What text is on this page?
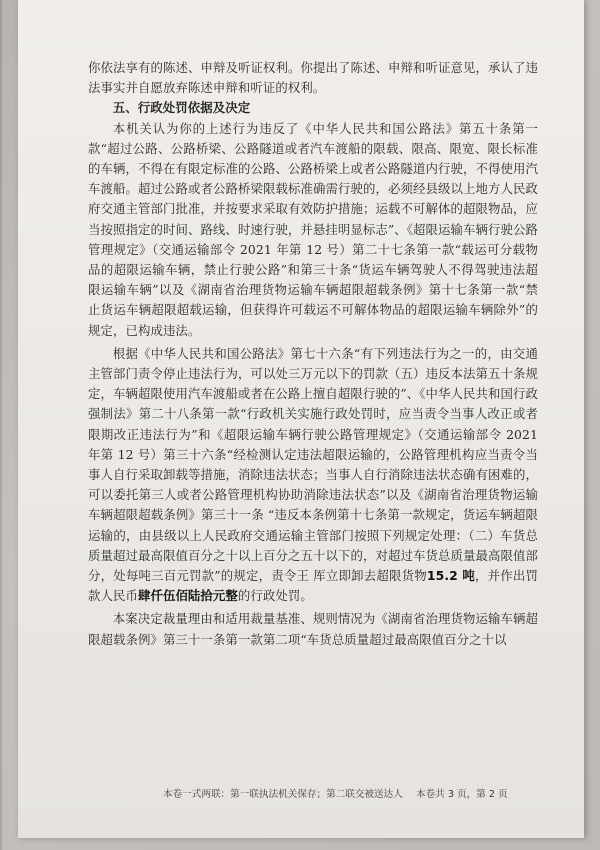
你依法享有的陈述、申辩及听证权利。你提出了陈述、申辩和听证意见，承认了违法事实并自愿放弃陈述申辩和听证的权利。

五、行政处罚依据及决定

本机关认为你的上述行为违反了《中华人民共和国公路法》第五十条第一款“超过公路、公路桥梁、公路隧道或者汽车渡船的限载、限高、限宽、限长标准的车辆，不得在有限定标准的公路、公路桥梁上或者公路隧道内行驶，不得使用汽车渡船。超过公路或者公路桥梁限载标准确需行驶的，必须经县级以上地方人民政府交通主管部门批准，并按要求采取有效防护措施；运载不可解体的超限物品，应当按照指定的时间、路线、时速行驶，并悬挂明显标志”、《超限运输车辆行驶公路管理规定》（交通运输部令 2021 年第 12 号）第二十七条第一款“载运可分载物品的超限运输车辆，禁止行驶公路”和第三十条“货运车辆驾驶人不得驾驶违法超限运输车辆”以及《湖南省治理货物运输车辆超限超载条例》第十七条第一款“禁止货运车辆超限超载运输，但获得许可载运不可解体物品的超限运输车辆除外”的规定，已构成违法。

根据《中华人民共和国公路法》第七十六条“有下列违法行为之一的，由交通主管部门责令停止违法行为，可以处三万元以下的罚款（五）违反本法第五十条规定，车辆超限使用汽车渡船或者在公路上擅自超限行驶的”、《中华人民共和国行政强制法》第二十八条第一款“行政机关实施行政处罚时，应当责令当事人改正或者限期改正违法行为”和《超限运输车辆行驶公路管理规定》（交通运输部令 2021 年第 12 号）第三十六条“经检测认定违法超限运输的，公路管理机构应当责令当事人自行采取卸载等措施，消除违法状态；当事人自行消除违法状态确有困难的，可以委托第三人或者公路管理机构协助消除违法状态”以及《湖南省治理货物运输车辆超限超载条例》第三十一条 “违反本条例第十七条第一款规定，货运车辆超限运输的，由县级以上人民政府交通运输主管部门按照下列规定处理：（二）车货总质量超过最高限值百分之十以上百分之五十以下的，对超过车货总质量最高限值部分，处每吨三百元罚款”的规定，责令王 厍立即卸去超限货物15.2 吨，并作出罚款人民币肆仟伍佰陆拾元整的行政处罚。

本案决定裁量理由和适用裁量基准、规则情况为《湖南省治理货物运输车辆超限超载条例》第三十一条第一款第二项“车货总质量超过最高限值百分之十以

本卷一式两联：第一联执法机关保存；第二联交被送达人 本卷共 3 页，第 2 页
